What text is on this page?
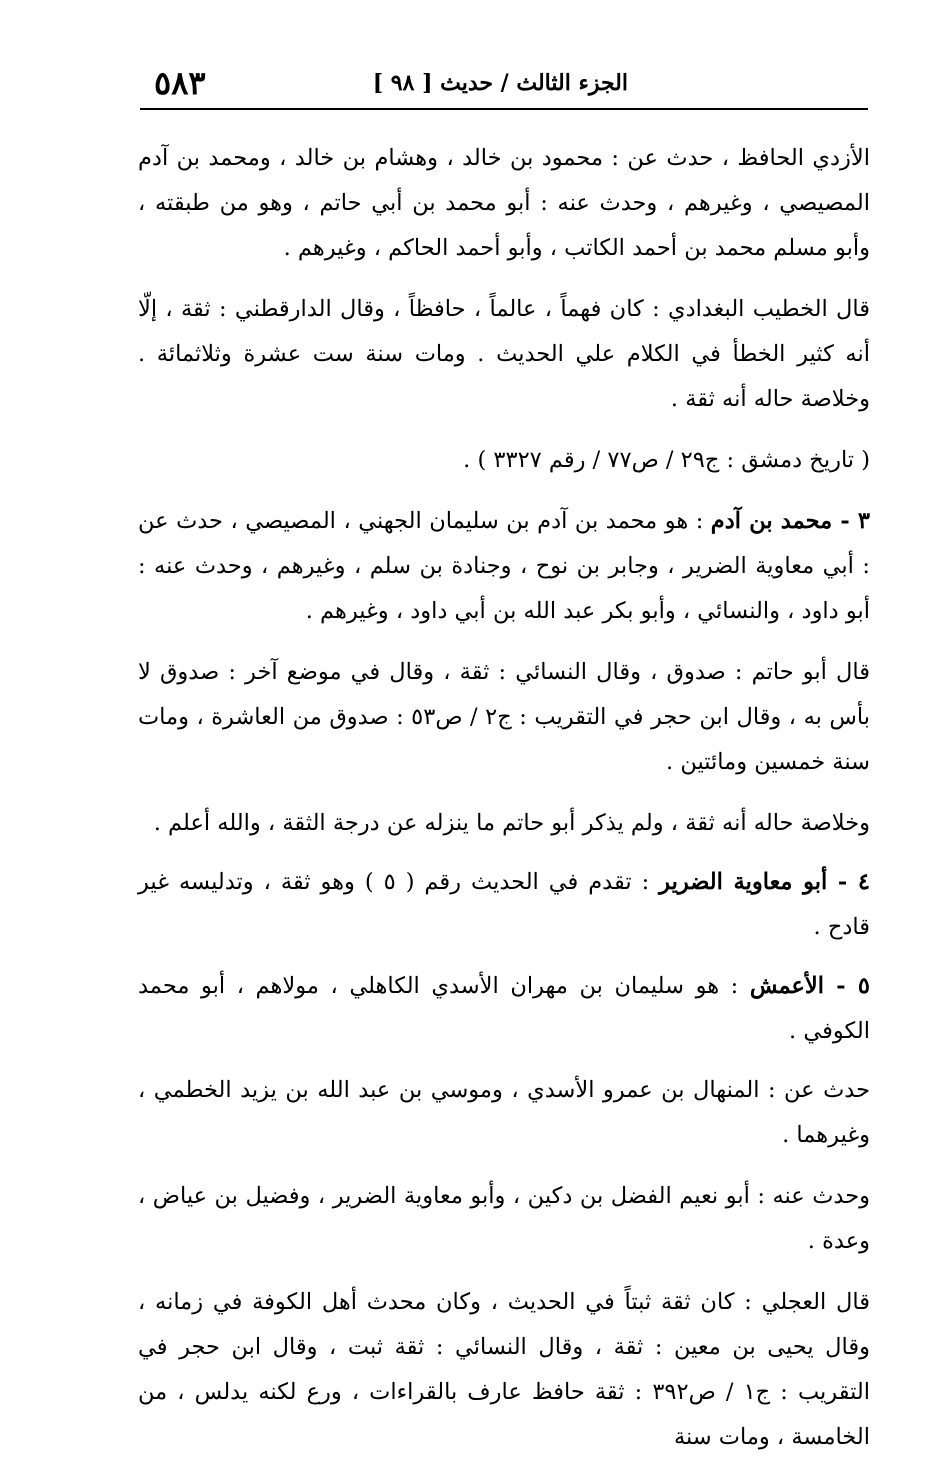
الجزء الثالث / حديث [ ٩٨ ]
٥٨٣

الأزدي الحافظ ، حدث عن : محمود بن خالد ، وهشام بن خالد ، ومحمد بن آدم المصيصي ، وغيرهم ، وحدث عنه : أبو محمد بن أبي حاتم ، وهو من طبقته ، وأبو مسلم محمد بن أحمد الكاتب ، وأبو أحمد الحاكم ، وغيرهم .

قال الخطيب البغدادي : كان فهماً ، عالماً ، حافظاً ، وقال الدارقطني : ثقة ، إلّا أنه كثير الخطأ في الكلام علي الحديث . ومات سنة ست عشرة وثلاثمائة . وخلاصة حاله أنه ثقة .

( تاريخ دمشق : ج٢٩ / ص٧٧ / رقم ٣٣٢٧ ) .

٣ - محمد بن آدم : هو محمد بن آدم بن سليمان الجهني ، المصيصي ، حدث عن : أبي معاوية الضرير ، وجابر بن نوح ، وجنادة بن سلم ، وغيرهم ، وحدث عنه : أبو داود ، والنسائي ، وأبو بكر عبد الله بن أبي داود ، وغيرهم .

قال أبو حاتم : صدوق ، وقال النسائي : ثقة ، وقال في موضع آخر : صدوق لا بأس به ، وقال ابن حجر في التقريب : ج٢ / ص٥٣ : صدوق من العاشرة ، ومات سنة خمسين ومائتين .

وخلاصة حاله أنه ثقة ، ولم يذكر أبو حاتم ما ينزله عن درجة الثقة ، والله أعلم .

٤ - أبو معاوية الضرير : تقدم في الحديث رقم ( ٥ ) وهو ثقة ، وتدليسه غير قادح .

٥ - الأعمش : هو سليمان بن مهران الأسدي الكاهلي ، مولاهم ، أبو محمد الكوفي .

حدث عن : المنهال بن عمرو الأسدي ، وموسي بن عبد الله بن يزيد الخطمي ، وغيرهما .

وحدث عنه : أبو نعيم الفضل بن دكين ، وأبو معاوية الضرير ، وفضيل بن عياض ، وعدة .

قال العجلي : كان ثقة ثبتاً في الحديث ، وكان محدث أهل الكوفة في زمانه ، وقال يحيى بن معين : ثقة ، وقال النسائي : ثقة ثبت ، وقال ابن حجر في التقريب : ج١ / ص٣٩٢ : ثقة حافظ عارف بالقراءات ، ورع لكنه يدلس ، من الخامسة ، ومات سنة
